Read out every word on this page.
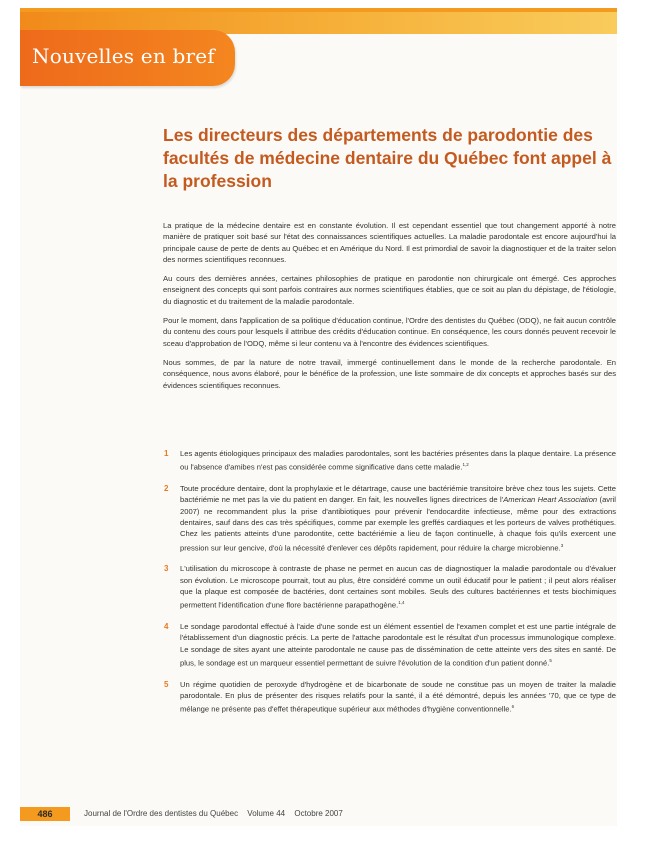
Nouvelles en bref
Les directeurs des départements de parodontie des facultés de médecine dentaire du Québec font appel à la profession

La pratique de la médecine dentaire est en constante évolution. Il est cependant essentiel que tout changement apporté à notre manière de pratiquer soit basé sur l'état des connaissances scientifiques actuelles. La maladie parodontale est encore aujourd'hui la principale cause de perte de dents au Québec et en Amérique du Nord. Il est primordial de savoir la diagnostiquer et de la traiter selon des normes scientifiques reconnues.

Au cours des dernières années, certaines philosophies de pratique en parodontie non chirurgicale ont émergé. Ces approches enseignent des concepts qui sont parfois contraires aux normes scientifiques établies, que ce soit au plan du dépistage, de l'étiologie, du diagnostic et du traitement de la maladie parodontale.

Pour le moment, dans l'application de sa politique d'éducation continue, l'Ordre des dentistes du Québec (ODQ), ne fait aucun contrôle du contenu des cours pour lesquels il attribue des crédits d'éducation continue. En conséquence, les cours donnés peuvent recevoir le sceau d'approbation de l'ODQ, même si leur contenu va à l'encontre des évidences scientifiques.

Nous sommes, de par la nature de notre travail, immergé continuellement dans le monde de la recherche parodontale. En conséquence, nous avons élaboré, pour le bénéfice de la profession, une liste sommaire de dix concepts et approches basés sur des évidences scientifiques reconnues.

1 Les agents étiologiques principaux des maladies parodontales, sont les bactéries présentes dans la plaque dentaire. La présence ou l'absence d'amibes n'est pas considérée comme significative dans cette maladie.$^{1,2}$
2 Toute procédure dentaire, dont la prophylaxie et le détartrage, cause une bactériémie transitoire brève chez tous les sujets. Cette bactériémie ne met pas la vie du patient en danger. En fait, les nouvelles lignes directrices de l'American Heart Association (avril 2007) ne recommandent plus la prise d'antibiotiques pour prévenir l'endocardite infectieuse, même pour des extractions dentaires, sauf dans des cas très spécifiques, comme par exemple les greffés cardiaques et les porteurs de valves prothétiques. Chez les patients atteints d'une parodontite, cette bactériémie a lieu de façon continuelle, à chaque fois qu'ils exercent une pression sur leur gencive, d'où la nécessité d'enlever ces dépôts rapidement, pour réduire la charge microbienne.$^3$
3 L'utilisation du microscope à contraste de phase ne permet en aucun cas de diagnostiquer la maladie parodontale ou d'évaluer son évolution. Le microscope pourrait, tout au plus, être considéré comme un outil éducatif pour le patient ; il peut alors réaliser que la plaque est composée de bactéries, dont certaines sont mobiles. Seuls des cultures bactériennes et tests biochimiques permettent l'identification d'une flore bactérienne parapathogène.$^{1,4}$
4 Le sondage parodontal effectué à l'aide d'une sonde est un élément essentiel de l'examen complet et est une partie intégrale de l'établissement d'un diagnostic précis. La perte de l'attache parodontale est le résultat d'un processus immunologique complexe. Le sondage de sites ayant une atteinte parodontale ne cause pas de dissémination de cette atteinte vers des sites en santé. De plus, le sondage est un marqueur essentiel permettant de suivre l'évolution de la condition d'un patient donné.$^5$
5 Un régime quotidien de peroxyde d'hydrogène et de bicarbonate de soude ne constitue pas un moyen de traiter la maladie parodontale. En plus de présenter des risques relatifs pour la santé, il a été démontré, depuis les années '70, que ce type de mélange ne présente pas d'effet thérapeutique supérieur aux méthodes d'hygiène conventionnelle.$^6$
486	Journal de l'Ordre des dentistes du Québec Volume 44 Octobre 2007
